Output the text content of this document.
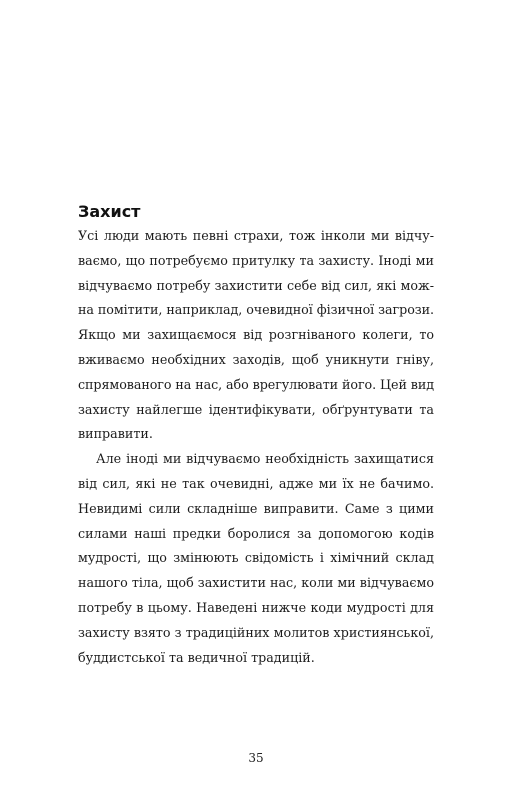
Захист
Усі люди мають певні страхи, тож інколи ми відчу-
ваємо, що потребуємо притулку та захисту. Іноді ми
відчуваємо потребу захистити себе від сил, які мож-
на помітити, наприклад, очевидної фізичної загрози.
Якщо ми захищаємося від розгніваного колеги, то
вживаємо необхідних заходів, щоб уникнути гніву,
спрямованого на нас, або врегулювати його. Цей вид
захисту найлегше ідентифікувати, обґрунтувати та
виправити.
Але іноді ми відчуваємо необхідність захищатися
від сил, які не так очевидні, адже ми їх не бачимо.
Невидимі сили складніше виправити. Саме з цими
силами наші предки боролися за допомогою кодів
мудрості, що змінюють свідомість і хімічний склад
нашого тіла, щоб захистити нас, коли ми відчуваємо
потребу в цьому. Наведені нижче коди мудрості для
захисту взято з традиційних молитов християнської,
буддистської та ведичної традицій.
35
